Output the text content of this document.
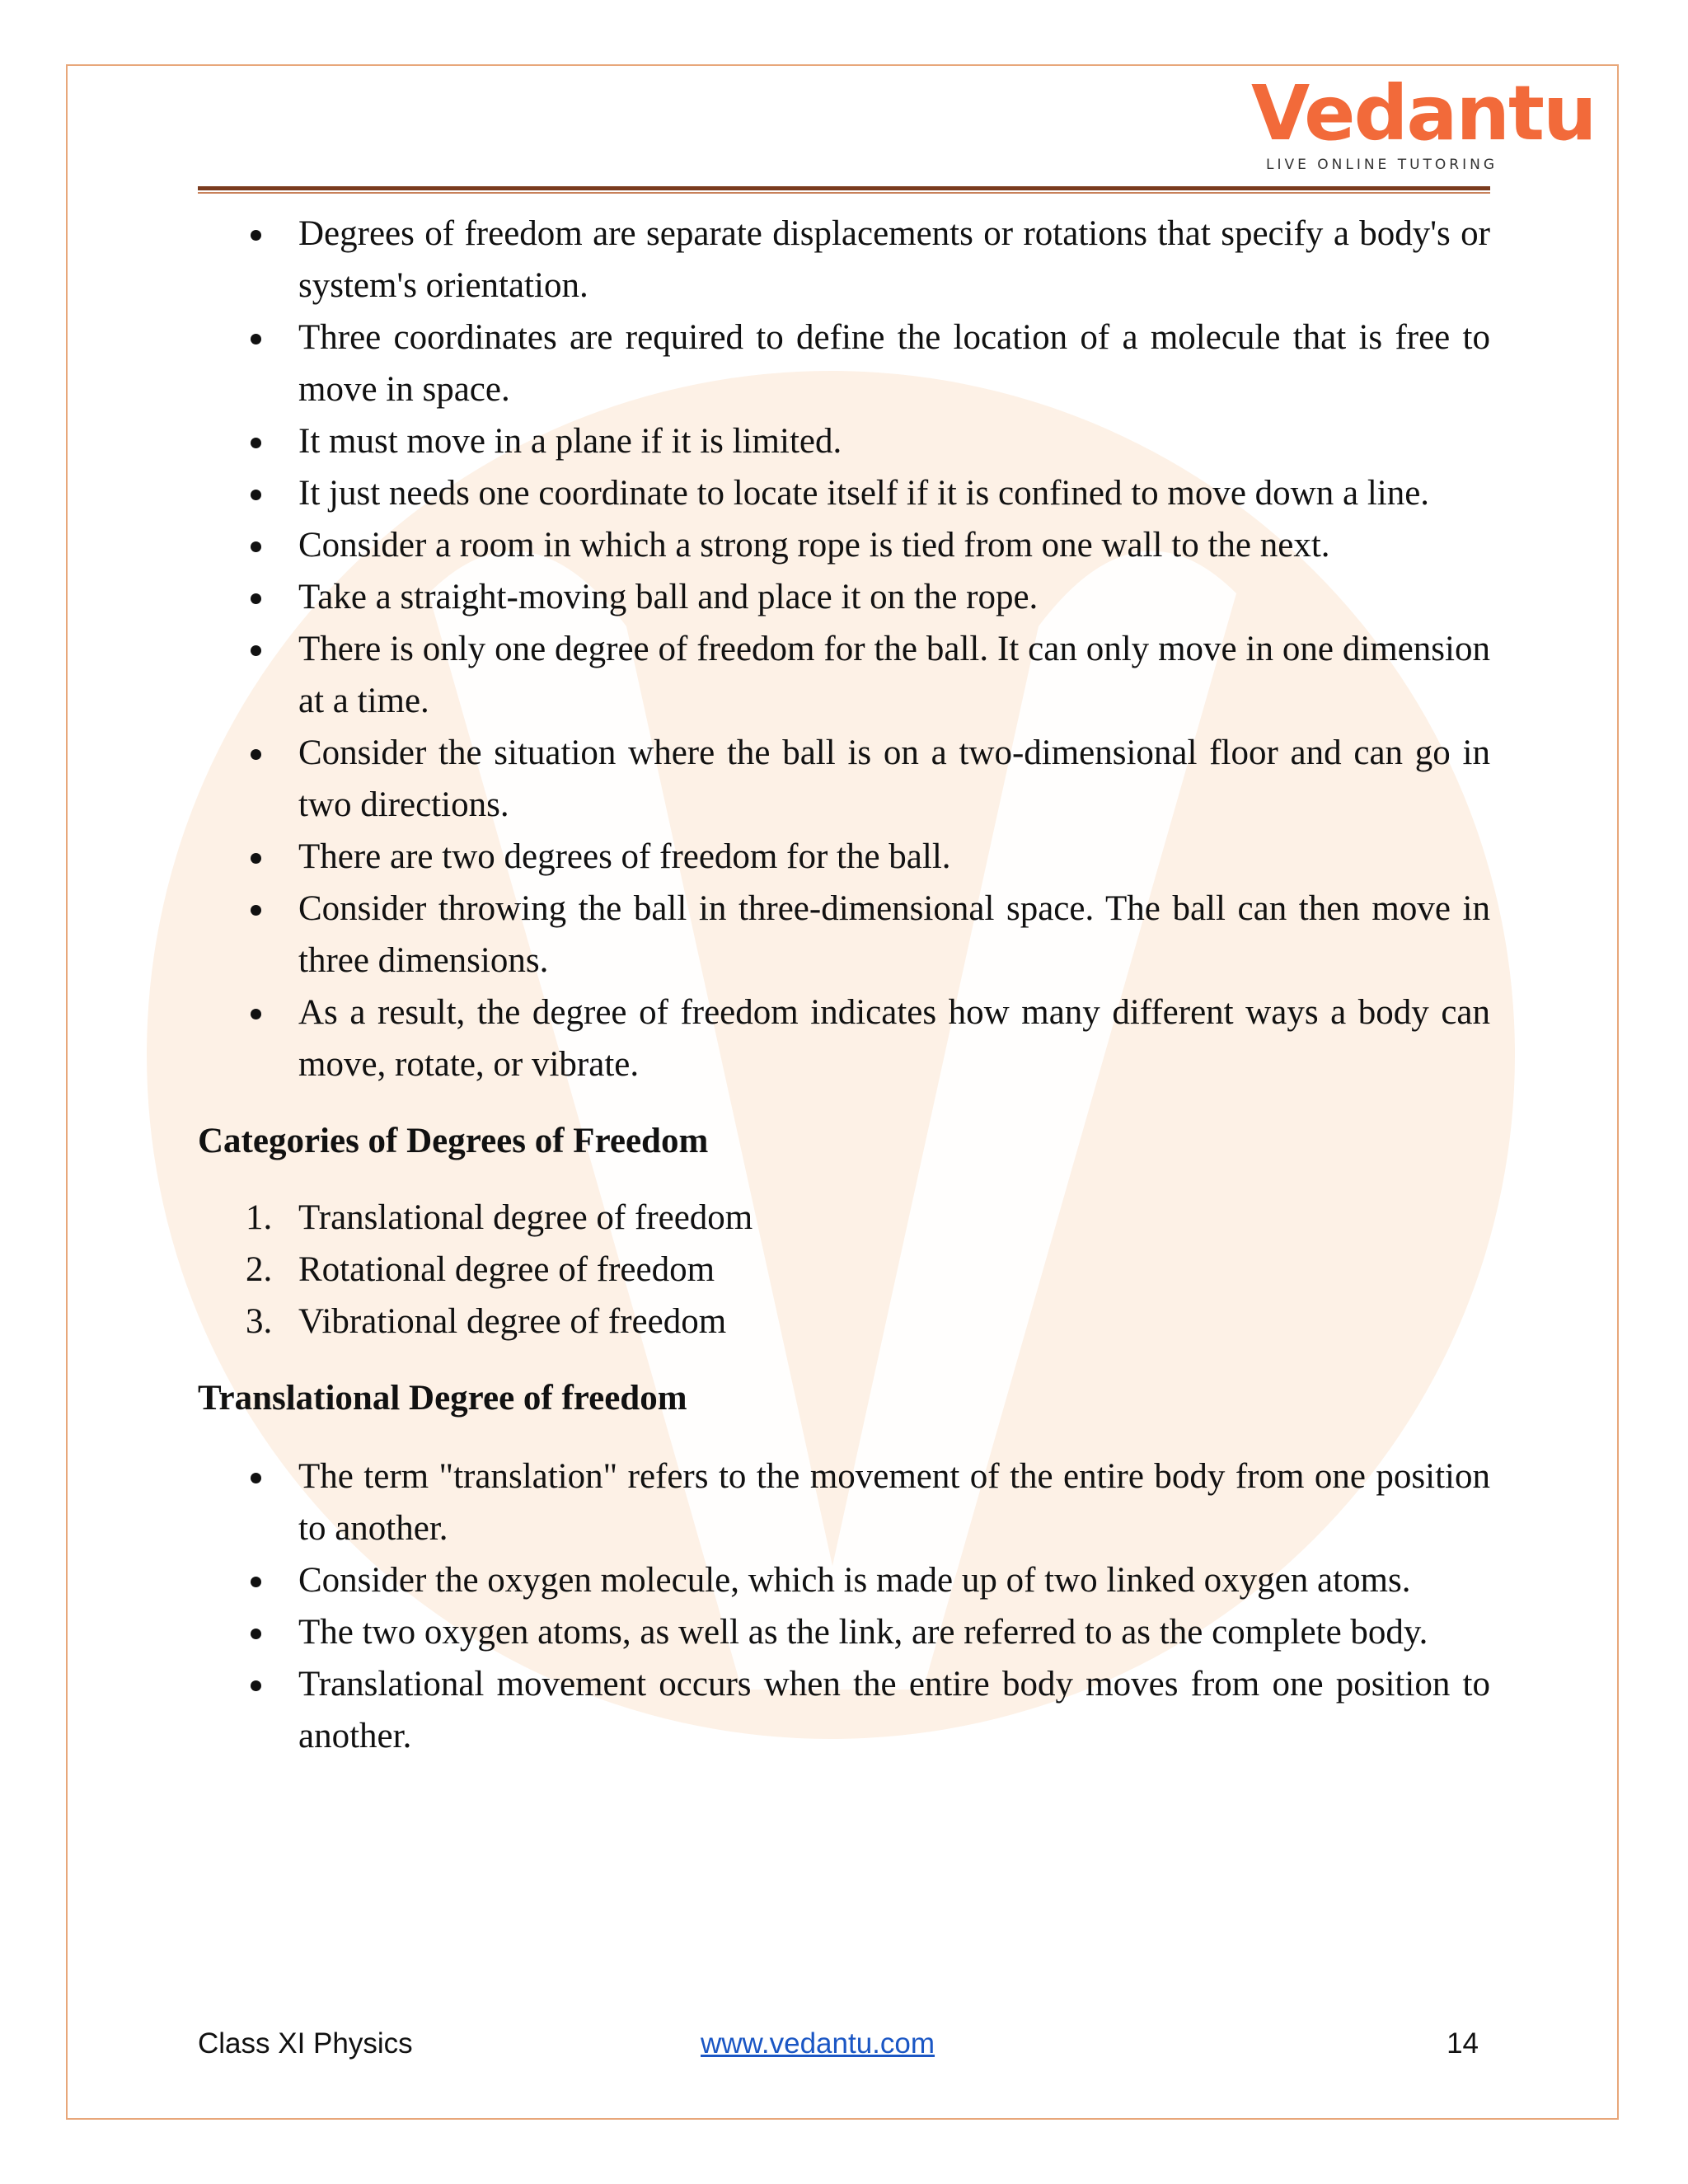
Vedantu
LIVE ONLINE TUTORING
Degrees of freedom are separate displacements or rotations that specify a body's or system's orientation.
Three coordinates are required to define the location of a molecule that is free to move in space.
It must move in a plane if it is limited.
It just needs one coordinate to locate itself if it is confined to move down a line.
Consider a room in which a strong rope is tied from one wall to the next.
Take a straight-moving ball and place it on the rope.
There is only one degree of freedom for the ball. It can only move in one dimension at a time.
Consider the situation where the ball is on a two-dimensional floor and can go in two directions.
There are two degrees of freedom for the ball.
Consider throwing the ball in three-dimensional space. The ball can then move in three dimensions.
As a result, the degree of freedom indicates how many different ways a body can move, rotate, or vibrate.
Categories of Degrees of Freedom
1. Translational degree of freedom
2. Rotational degree of freedom
3. Vibrational degree of freedom
Translational Degree of freedom
The term "translation" refers to the movement of the entire body from one position to another.
Consider the oxygen molecule, which is made up of two linked oxygen atoms.
The two oxygen atoms, as well as the link, are referred to as the complete body.
Translational movement occurs when the entire body moves from one position to another.
Class XI Physics	www.vedantu.com	14
